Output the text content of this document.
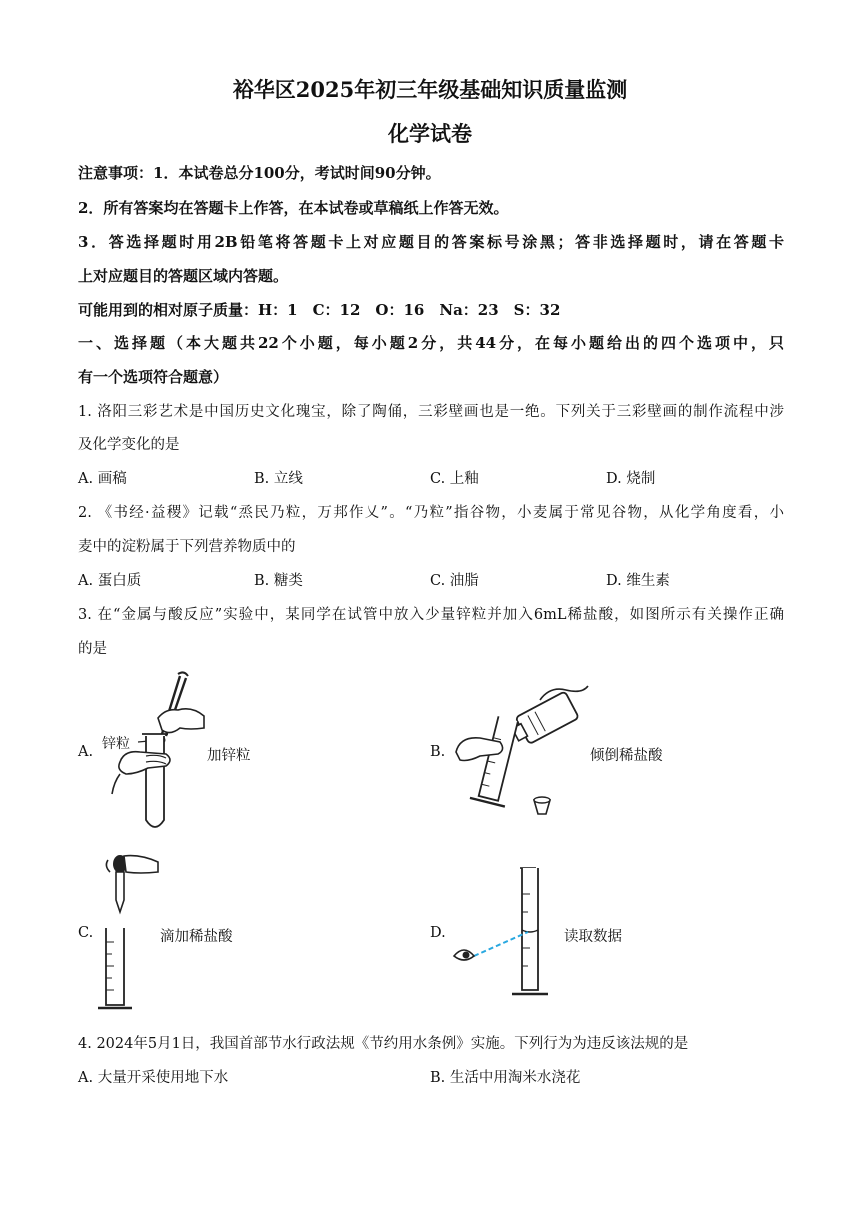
裕华区2025年初三年级基础知识质量监测
化学试卷
注意事项：1．本试卷总分100分，考试时间90分钟。
2．所有答案均在答题卡上作答，在本试卷或草稿纸上作答无效。
3．答选择题时用2B铅笔将答题卡上对应题目的答案标号涂黑；答非选择题时，请在答题卡
上对应题目的答题区域内答题。
可能用到的相对原子质量：H：1　C：12　O：16　Na：23　S：32
一、选择题（本大题共22个小题，每小题2分，共44分，在每小题给出的四个选项中，只
有一个选项符合题意）
1. 洛阳三彩艺术是中国历史文化瑰宝，除了陶俑，三彩壁画也是一绝。下列关于三彩壁画的制作流程中涉
及化学变化的是
A. 画稿	B. 立线	C. 上釉	D. 烧制
2. 《书经·益稷》记载“烝民乃粒，万邦作乂”。“乃粒”指谷物，小麦属于常见谷物，从化学角度看，小
麦中的淀粉属于下列营养物质中的
A. 蛋白质	B. 糖类	C. 油脂	D. 维生素
3. 在“金属与酸反应”实验中，某同学在试管中放入少量锌粒并加入6mL稀盐酸，如图所示有关操作正确
的是
A. 锌粒
加锌粒	B.	倾倒稀盐酸
C.	滴加稀盐酸	D.	读取数据
4. 2024年5月1日，我国首部节水行政法规《节约用水条例》实施。下列行为为违反该法规的是
A. 大量开采使用地下水	B. 生活中用淘米水浇花
